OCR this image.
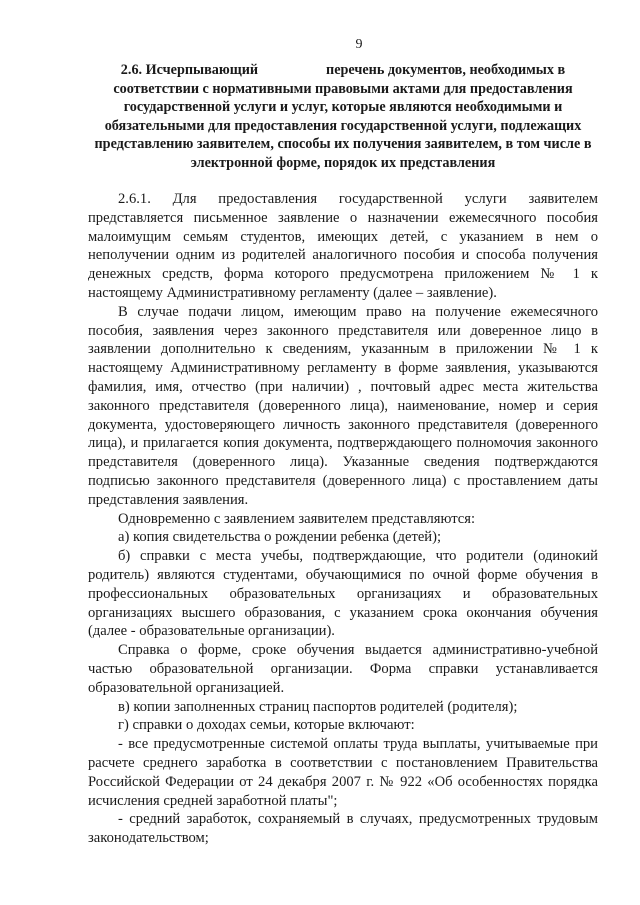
9
2.6. Исчерпывающий	перечень документов, необходимых в соответствии с нормативными правовыми актами для предоставления государственной услуги и услуг, которые являются необходимыми и обязательными для предоставления государственной услуги, подлежащих представлению заявителем, способы их получения заявителем, в том числе в электронной форме, порядок их представления

2.6.1. Для предоставления государственной услуги заявителем представляется письменное заявление о назначении ежемесячного пособия малоимущим семьям студентов, имеющих детей, с указанием в нем о неполучении одним из родителей аналогичного пособия и способа получения денежных средств, форма которого предусмотрена приложением № 1 к настоящему Административному регламенту (далее – заявление).

В случае подачи лицом, имеющим право на получение ежемесячного пособия, заявления через законного представителя или доверенное лицо в заявлении дополнительно к сведениям, указанным в приложении № 1 к настоящему Административному регламенту в форме заявления, указываются фамилия, имя, отчество (при наличии) , почтовый адрес места жительства законного представителя (доверенного лица), наименование, номер и серия документа, удостоверяющего личность законного представителя (доверенного лица), и прилагается копия документа, подтверждающего полномочия законного представителя (доверенного лица). Указанные сведения подтверждаются подписью законного представителя (доверенного лица) с проставлением даты представления заявления.

Одновременно с заявлением заявителем представляются:

а) копия свидетельства о рождении ребенка (детей);

б) справки с места учебы, подтверждающие, что родители (одинокий родитель) являются студентами, обучающимися по очной форме обучения в профессиональных образовательных организациях и образовательных организациях высшего образования, с указанием срока окончания обучения (далее - образовательные организации).

Справка о форме, сроке обучения выдается административно-учебной частью образовательной организации. Форма справки устанавливается образовательной организацией.

в) копии заполненных страниц паспортов родителей (родителя);

г) справки о доходах семьи, которые включают:

- все предусмотренные системой оплаты труда выплаты, учитываемые при расчете среднего заработка в соответствии с постановлением Правительства Российской Федерации от 24 декабря 2007 г. № 922 «Об особенностях порядка исчисления средней заработной платы";

- средний заработок, сохраняемый в случаях, предусмотренных трудовым законодательством;
